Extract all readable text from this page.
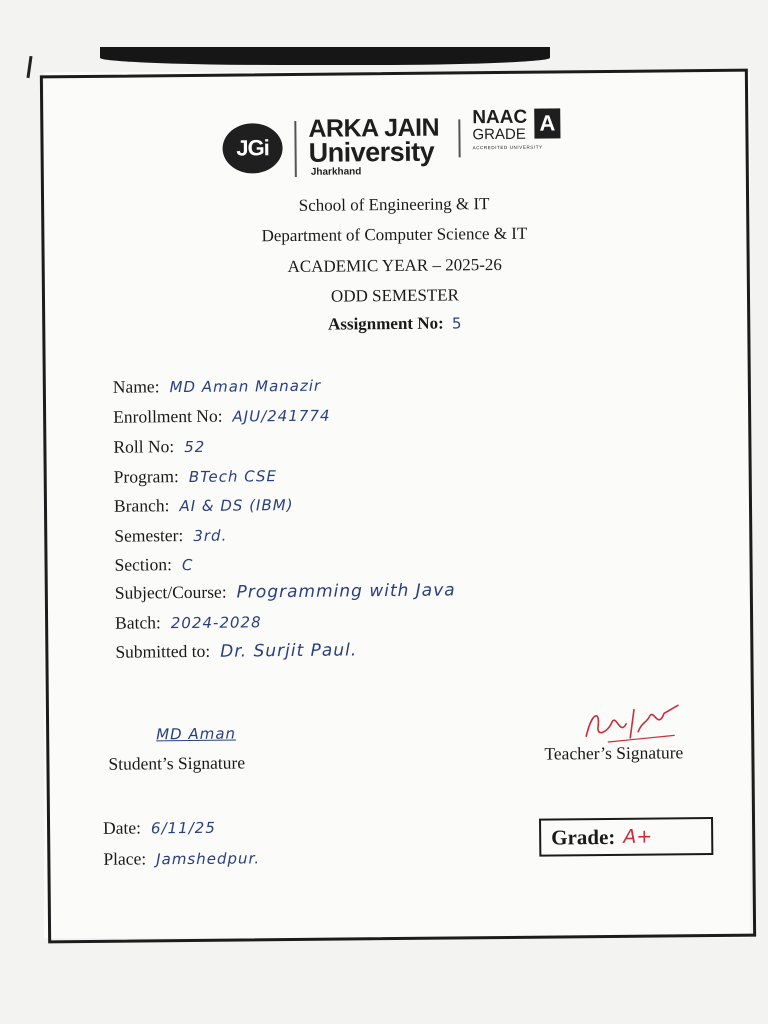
JGi
ARKA JAIN
University
Jharkhand
NAAC
GRADE A
ACCREDITED UNIVERSITY
School of Engineering & IT
Department of Computer Science & IT
ACADEMIC YEAR – 2025-26
ODD SEMESTER
Assignment No: 5
Name: MD Aman Manazir
Enrollment No: AJU/241774
Roll No: 52
Program: BTech CSE
Branch: AI & DS (IBM)
Semester: 3rd.
Section: C
Subject/Course: Programming with Java
Batch: 2024-2028
Submitted to: Dr. Surjit Paul.
MD Aman
Student’s Signature	Teacher’s Signature
Date: 6/11/25
Place: Jamshedpur.
Grade: A+
